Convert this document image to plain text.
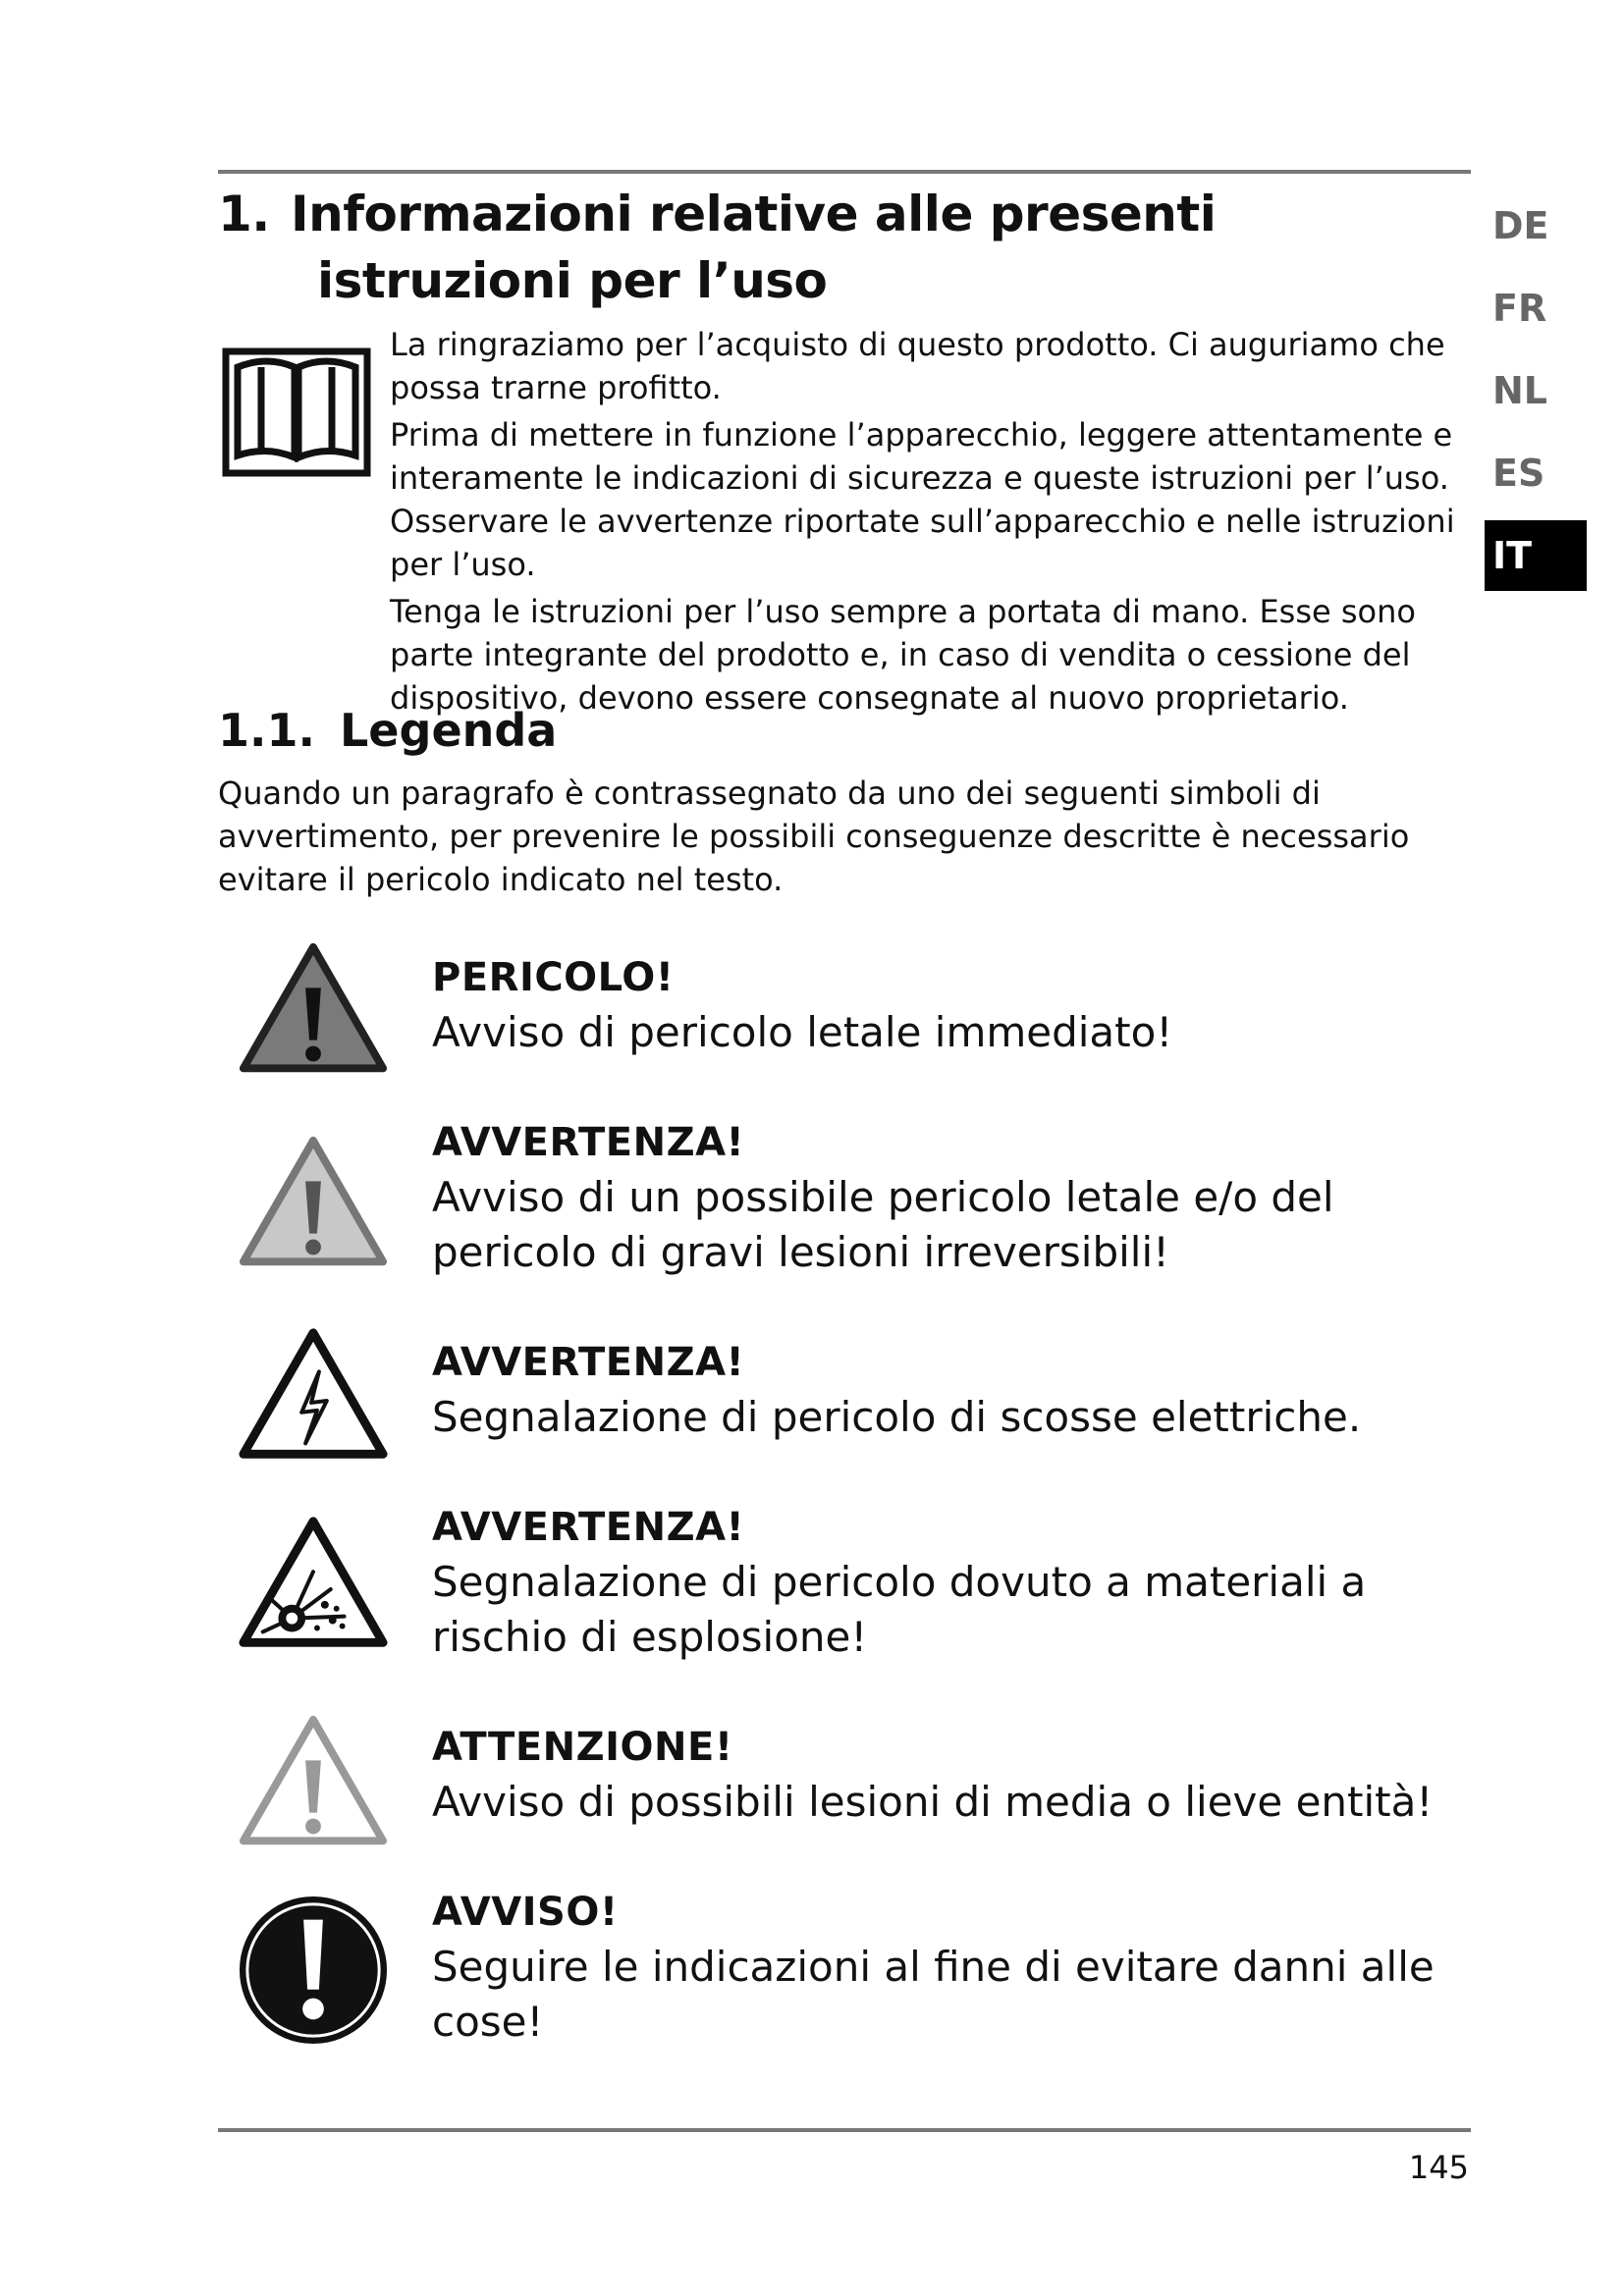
1. Informazioni relative alle presenti
istruzioni per l’uso

La ringraziamo per l’acquisto di questo prodotto. Ci auguriamo che possa trarne profitto.

Prima di mettere in funzione l’apparecchio, leggere attentamente e interamente le indicazioni di sicurezza e queste istruzioni per l’uso. Osservare le avvertenze riportate sull’apparecchio e nelle istruzioni per l’uso.

Tenga le istruzioni per l’uso sempre a portata di mano. Esse sono parte integrante del prodotto e, in caso di vendita o cessione del dispositivo, devono essere consegnate al nuovo proprietario.

1.1. Legenda

Quando un paragrafo è contrassegnato da uno dei seguenti simboli di avvertimento, per prevenire le possibili conseguenze descritte è necessario evitare il pericolo indicato nel testo.

PERICOLO!
Avviso di pericolo letale immediato!
AVVERTENZA!
Avviso di un possibile pericolo letale e/o del pericolo di gravi lesioni irreversibili!
AVVERTENZA!
Segnalazione di pericolo di scosse elettriche.
AVVERTENZA!
Segnalazione di pericolo dovuto a materiali a rischio di esplosione!
ATTENZIONE!
Avviso di possibili lesioni di media o lieve entità!
AVVISO!
Seguire le indicazioni al fine di evitare danni alle cose!
DE
FR
NL
ES
IT
145
